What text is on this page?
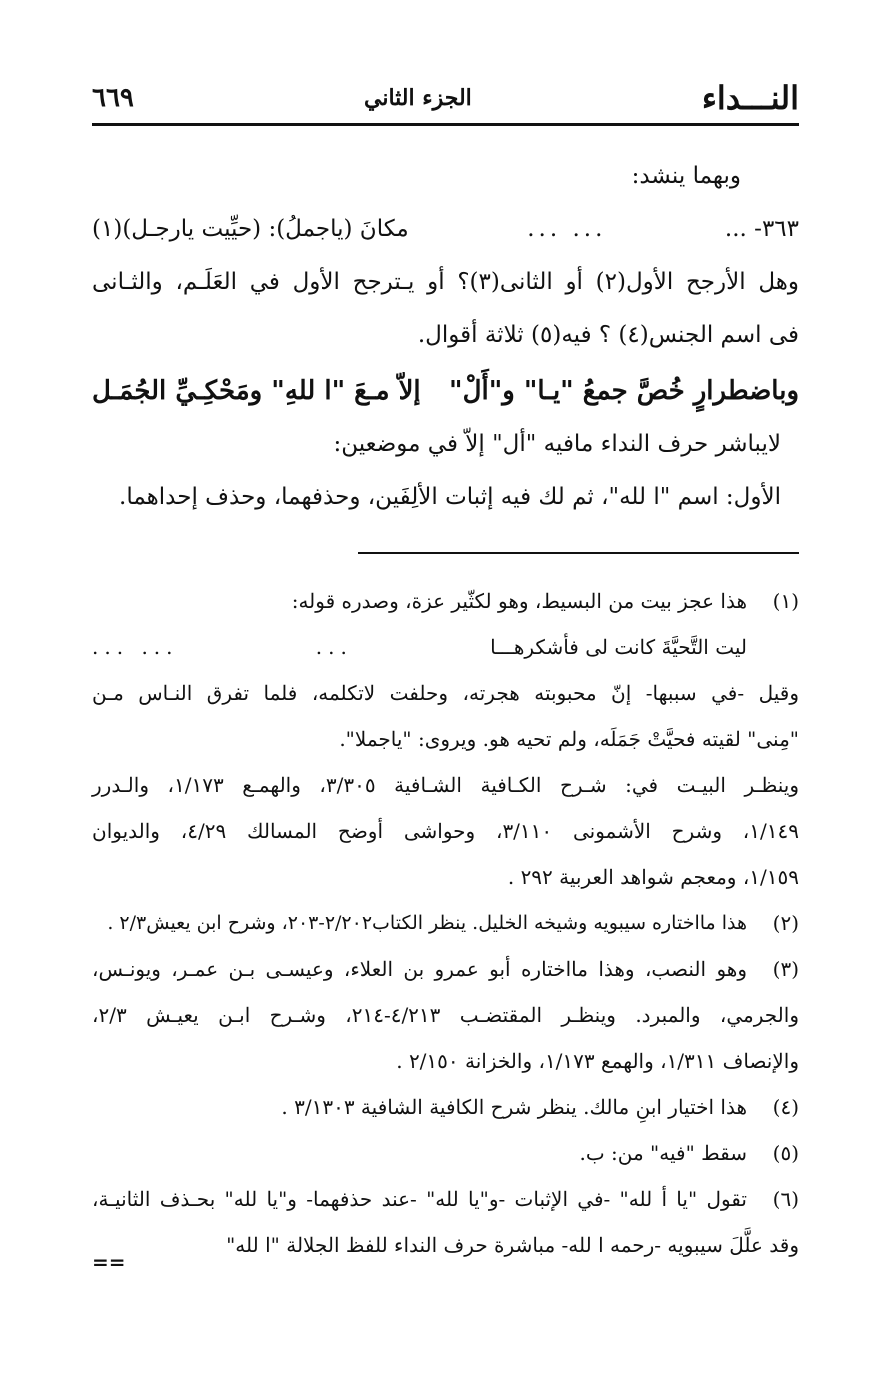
النـــداء
الجزء الثاني
٦٦٩
وبهما ينشد:
٣٦٣- ...
... ...
مكانَ (ياجملُ): (حيِّيت يارجـل)(١)
وهل الأرجح الأول(٢) أو الثانى(٣)؟ أو يـترجح الأول في العَلَـم، والثـانى
فى اسم الجنس(٤) ؟ فيه(٥) ثلاثة أقوال.
وباضطرارٍ خُصَّ جمعُ "يـا" و"أَلْ"
إلاّ مـعَ "ا للهِ" ومَحْكِـيِّ الجُمَـل
لايباشر حرف النداء مافيه "أل" إلاّ في موضعين:
الأول: اسم "ا لله"، ثم لك فيه إثبات الألِفَين، وحذفهما، وحذف إحداهما.
(١)
هذا عجز بيت من البسيط، وهو لكثّير عزة، وصدره قوله:
ليت التَّحيَّةَ كانت لى فأشكرهـــا
...
... ...
وقيل -في سببها- إنّ محبوبته هجرته، وحلفت لاتكلمه، فلما تفرق النـاس مـن
"مِنى" لقيته فحيَّتْ جَمَلَه، ولم تحيه هو. ويروى: "ياجملا".
وينظـر البيـت في: شـرح الكـافية الشـافية ٣/٣٠٥، والهمـع ١/١٧٣، والـدرر
١/١٤٩، وشرح الأشمونى ٣/١١٠، وحواشى أوضح المسالك ٤/٢٩، والديوان
١/١٥٩، ومعجم شواهد العربية ٢٩٢ .
(٢)
هذا مااختاره سيبويه وشيخه الخليل. ينظر الكتاب٢/٢٠٢-٢٠٣، وشرح ابن يعيش٢/٣ .
(٣)
وهو النصب، وهذا مااختاره أبو عمرو بن العلاء، وعيسـى بـن عمـر، ويونـس،
والجرمي، والمبرد. وينظـر المقتضـب ٤/٢١٣-٢١٤، وشـرح ابـن يعيـش ٢/٣،
والإنصاف ١/٣١١، والهمع ١/١٧٣، والخزانة ٢/١٥٠ .
(٤)
هذا اختيار ابنِ مالك. ينظر شرح الكافية الشافية ٣/١٣٠٣ .
(٥)
سقط "فيه" من: ب.
(٦)
تقول "يا أ لله" -في الإثبات -و"يا لله" -عند حذفهما- و"يا لله" بحـذف الثانيـة،
وقد علَّلَ سيبويه -رحمه ا لله- مباشرة حرف النداء للفظ الجلالة "ا لله"
==
